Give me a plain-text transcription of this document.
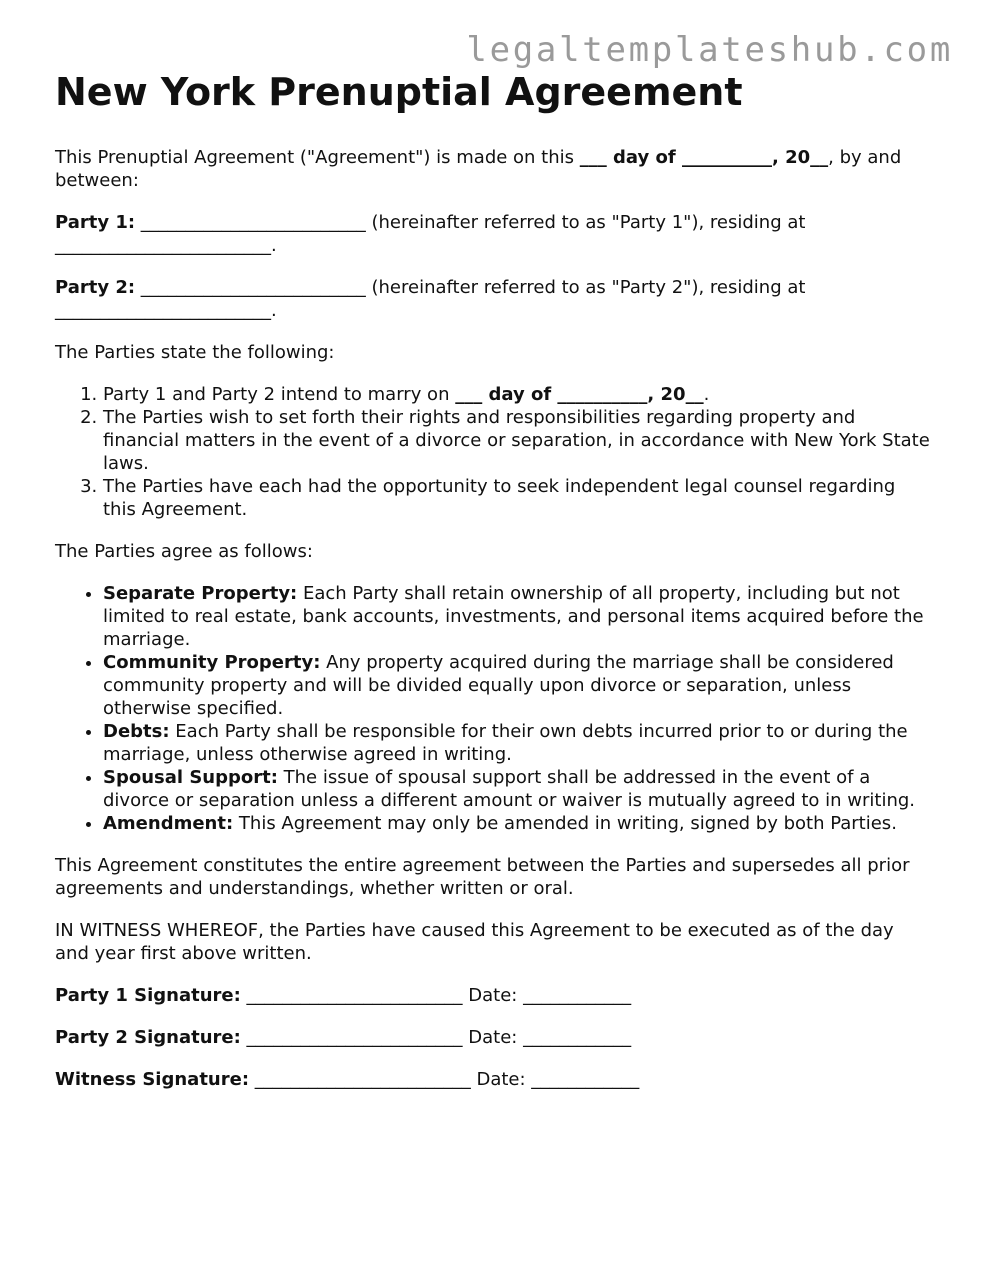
legaltemplateshub.com
New York Prenuptial Agreement

This Prenuptial Agreement ("Agreement") is made on this ___ day of __________, 20__, by and between:

Party 1: _________________________ (hereinafter referred to as "Party 1"), residing at ________________________.

Party 2: _________________________ (hereinafter referred to as "Party 2"), residing at ________________________.

The Parties state the following:

1. Party 1 and Party 2 intend to marry on ___ day of __________, 20__.
2. The Parties wish to set forth their rights and responsibilities regarding property and financial matters in the event of a divorce or separation, in accordance with New York State laws.
3. The Parties have each had the opportunity to seek independent legal counsel regarding this Agreement.

The Parties agree as follows:

• Separate Property: Each Party shall retain ownership of all property, including but not limited to real estate, bank accounts, investments, and personal items acquired before the marriage.
• Community Property: Any property acquired during the marriage shall be considered community property and will be divided equally upon divorce or separation, unless otherwise specified.
• Debts: Each Party shall be responsible for their own debts incurred prior to or during the marriage, unless otherwise agreed in writing.
• Spousal Support: The issue of spousal support shall be addressed in the event of a divorce or separation unless a different amount or waiver is mutually agreed to in writing.
• Amendment: This Agreement may only be amended in writing, signed by both Parties.

This Agreement constitutes the entire agreement between the Parties and supersedes all prior agreements and understandings, whether written or oral.

IN WITNESS WHEREOF, the Parties have caused this Agreement to be executed as of the day and year first above written.

Party 1 Signature: ________________________ Date: ____________

Party 2 Signature: ________________________ Date: ____________

Witness Signature: ________________________ Date: ____________
